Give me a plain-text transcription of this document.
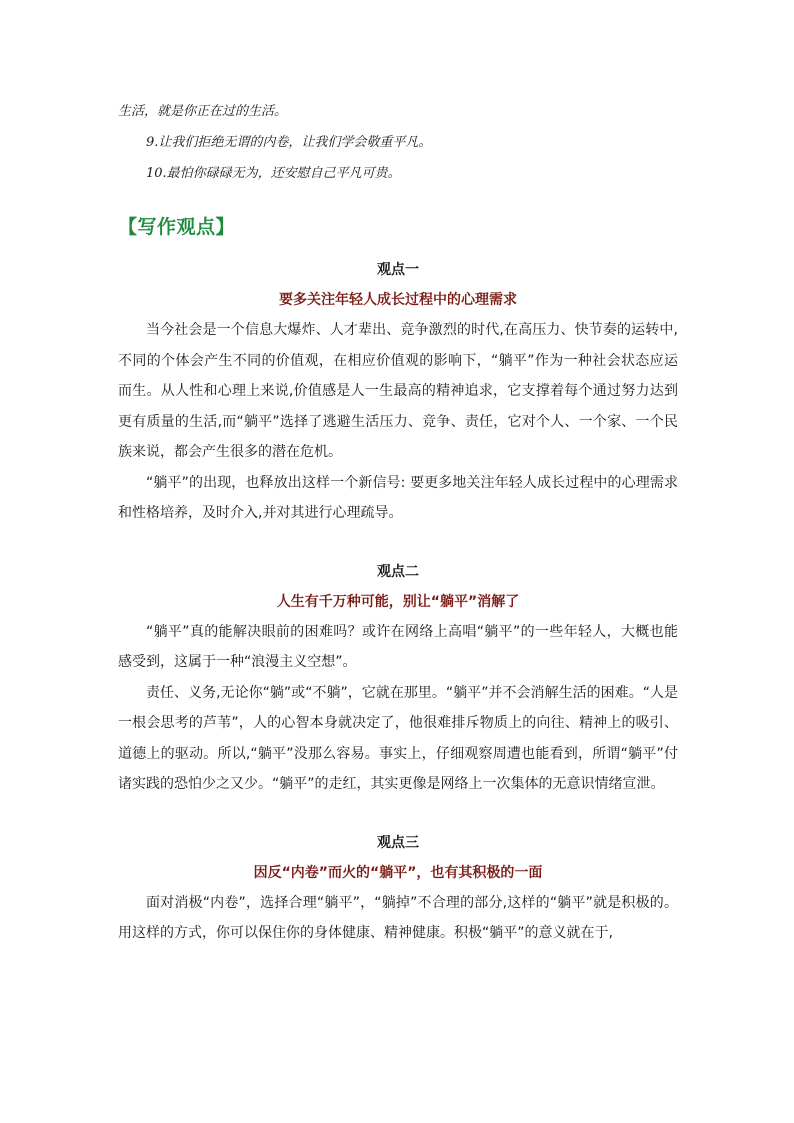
生活，就是你正在过的生活。

9.让我们拒绝无谓的内卷，让我们学会敬重平凡。

10.最怕你碌碌无为，还安慰自己平凡可贵。

【写作观点】

观点一

要多关注年轻人成长过程中的心理需求

当今社会是一个信息大爆炸、人才辈出、竞争激烈的时代,在高压力、快节奏的运转中,不同的个体会产生不同的价值观，在相应价值观的影响下，“躺平”作为一种社会状态应运而生。从人性和心理上来说,价值感是人一生最高的精神追求，它支撑着每个通过努力达到更有质量的生活,而“躺平”选择了逃避生活压力、竞争、责任，它对个人、一个家、一个民族来说，都会产生很多的潜在危机。

“躺平”的出现，也释放出这样一个新信号: 要更多地关注年轻人成长过程中的心理需求和性格培养，及时介入,并对其进行心理疏导。

观点二

人生有千万种可能，别让“躺平”消解了

“躺平”真的能解决眼前的困难吗？或许在网络上高唱“躺平”的一些年轻人，大概也能感受到，这属于一种“浪漫主义空想”。

责任、义务,无论你“躺”或“不躺”，它就在那里。“躺平”并不会消解生活的困难。“人是一根会思考的芦苇”，人的心智本身就决定了，他很难排斥物质上的向往、精神上的吸引、道德上的驱动。所以,“躺平”没那么容易。事实上，仔细观察周遭也能看到，所谓“躺平”付诸实践的恐怕少之又少。“躺平”的走红，其实更像是网络上一次集体的无意识情绪宣泄。

观点三

因反“内卷”而火的“躺平”，也有其积极的一面

面对消极“内卷”，选择合理“躺平”，“躺掉”不合理的部分,这样的“躺平”就是积极的。用这样的方式，你可以保住你的身体健康、精神健康。积极“躺平”的意义就在于,
